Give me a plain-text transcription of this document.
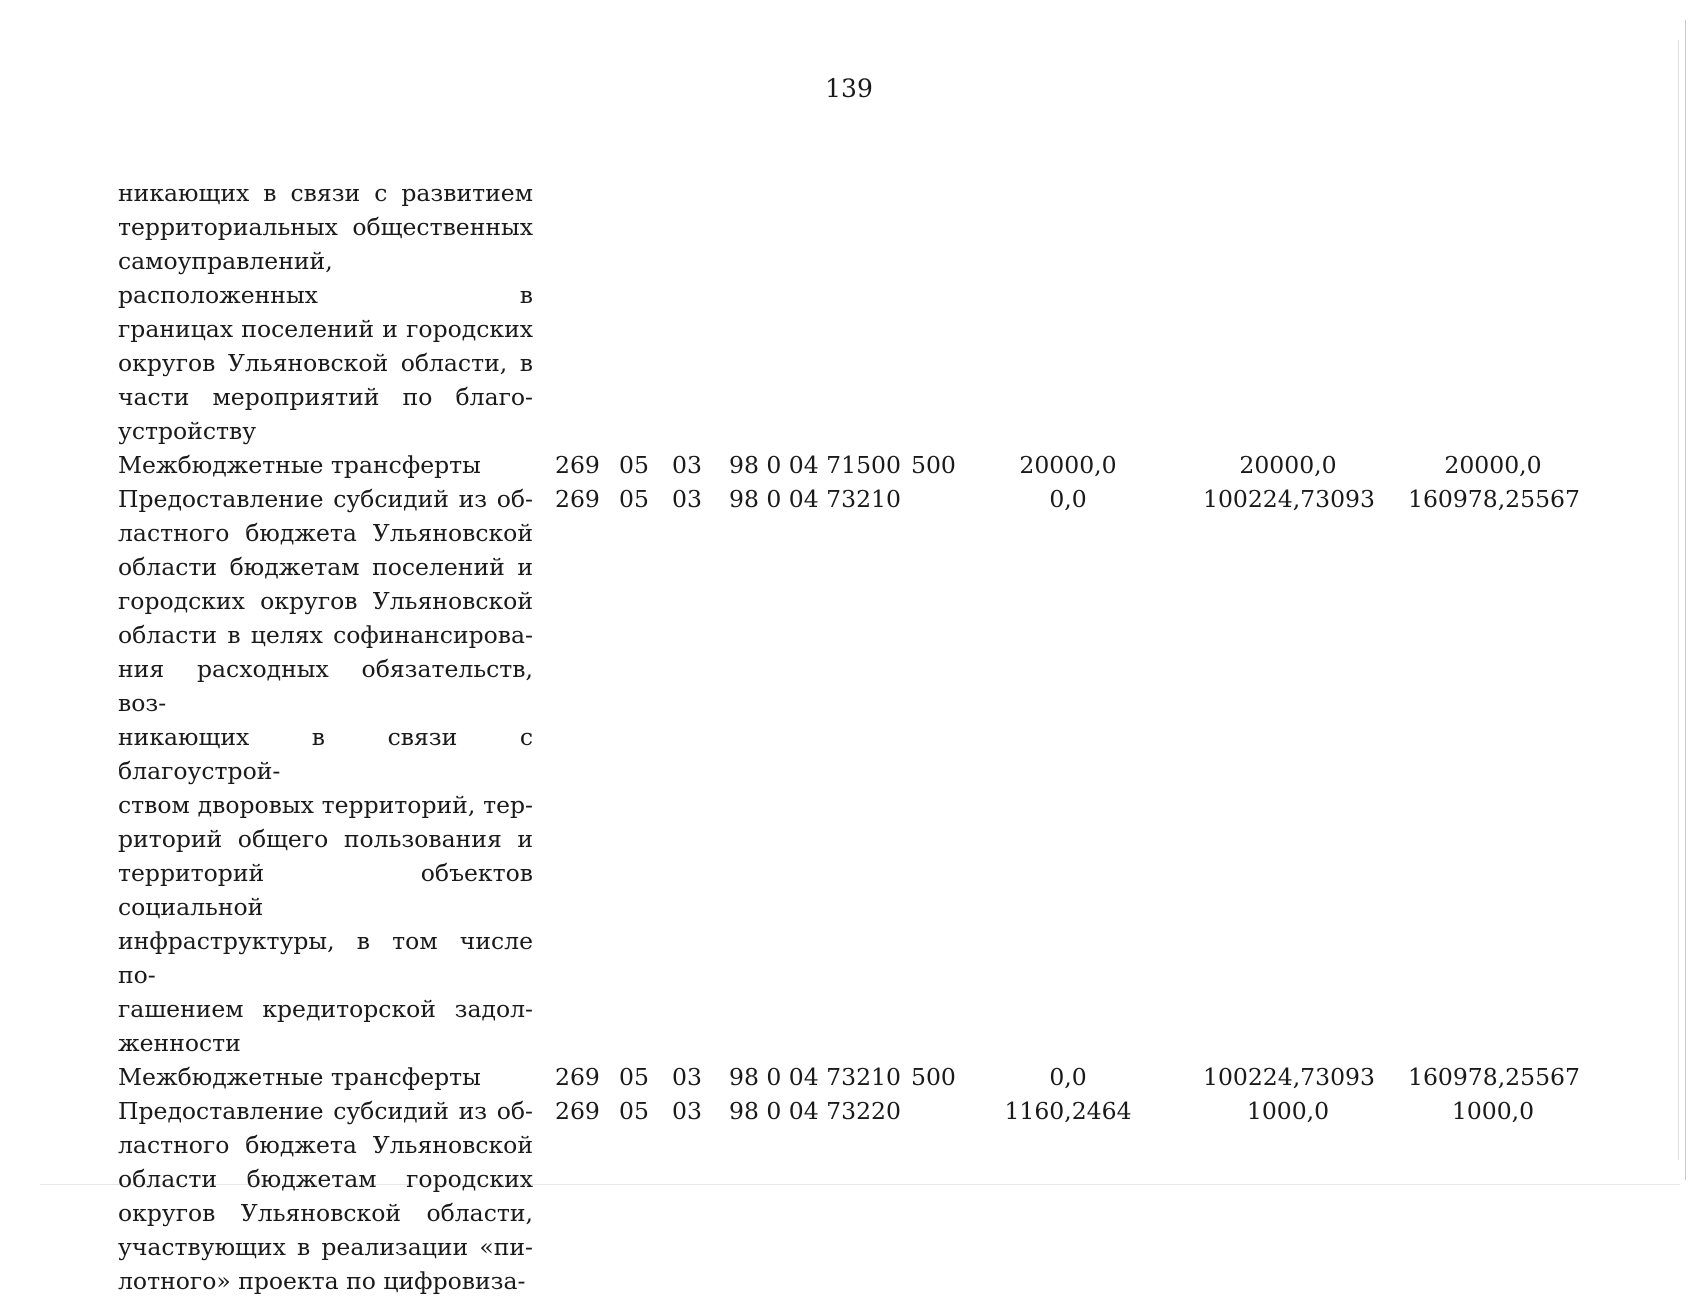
139
никающих в связи с развитием
территориальных общественных
самоуправлений, расположенных в
границах поселений и городских
округов Ульяновской области, в
части мероприятий по благо-
устройству
Межбюджетные трансферты	269 05 03 98 0 04 71500 500	20000,0	20000,0	20000,0
Предоставление субсидий из об-
ластного бюджета Ульяновской
области бюджетам поселений и
городских округов Ульяновской
области в целях софинансирова-
ния расходных обязательств, воз-
никающих в связи с благоустрой-
ством дворовых территорий, тер-
риторий общего пользования и
территорий объектов социальной
инфраструктуры, в том числе по-
гашением кредиторской задол-
женности
269 05 03 98 0 04 73210	0,0	100224,73093 160978,25567
Межбюджетные трансферты	269 05 03 98 0 04 73210 500	0,0	100224,73093 160978,25567
Предоставление субсидий из об-
ластного бюджета Ульяновской
области бюджетам городских
округов Ульяновской области,
участвующих в реализации «пи-
лотного» проекта по цифровиза-
269 05 03 98 0 04 73220	1160,2464	1000,0	1000,0
